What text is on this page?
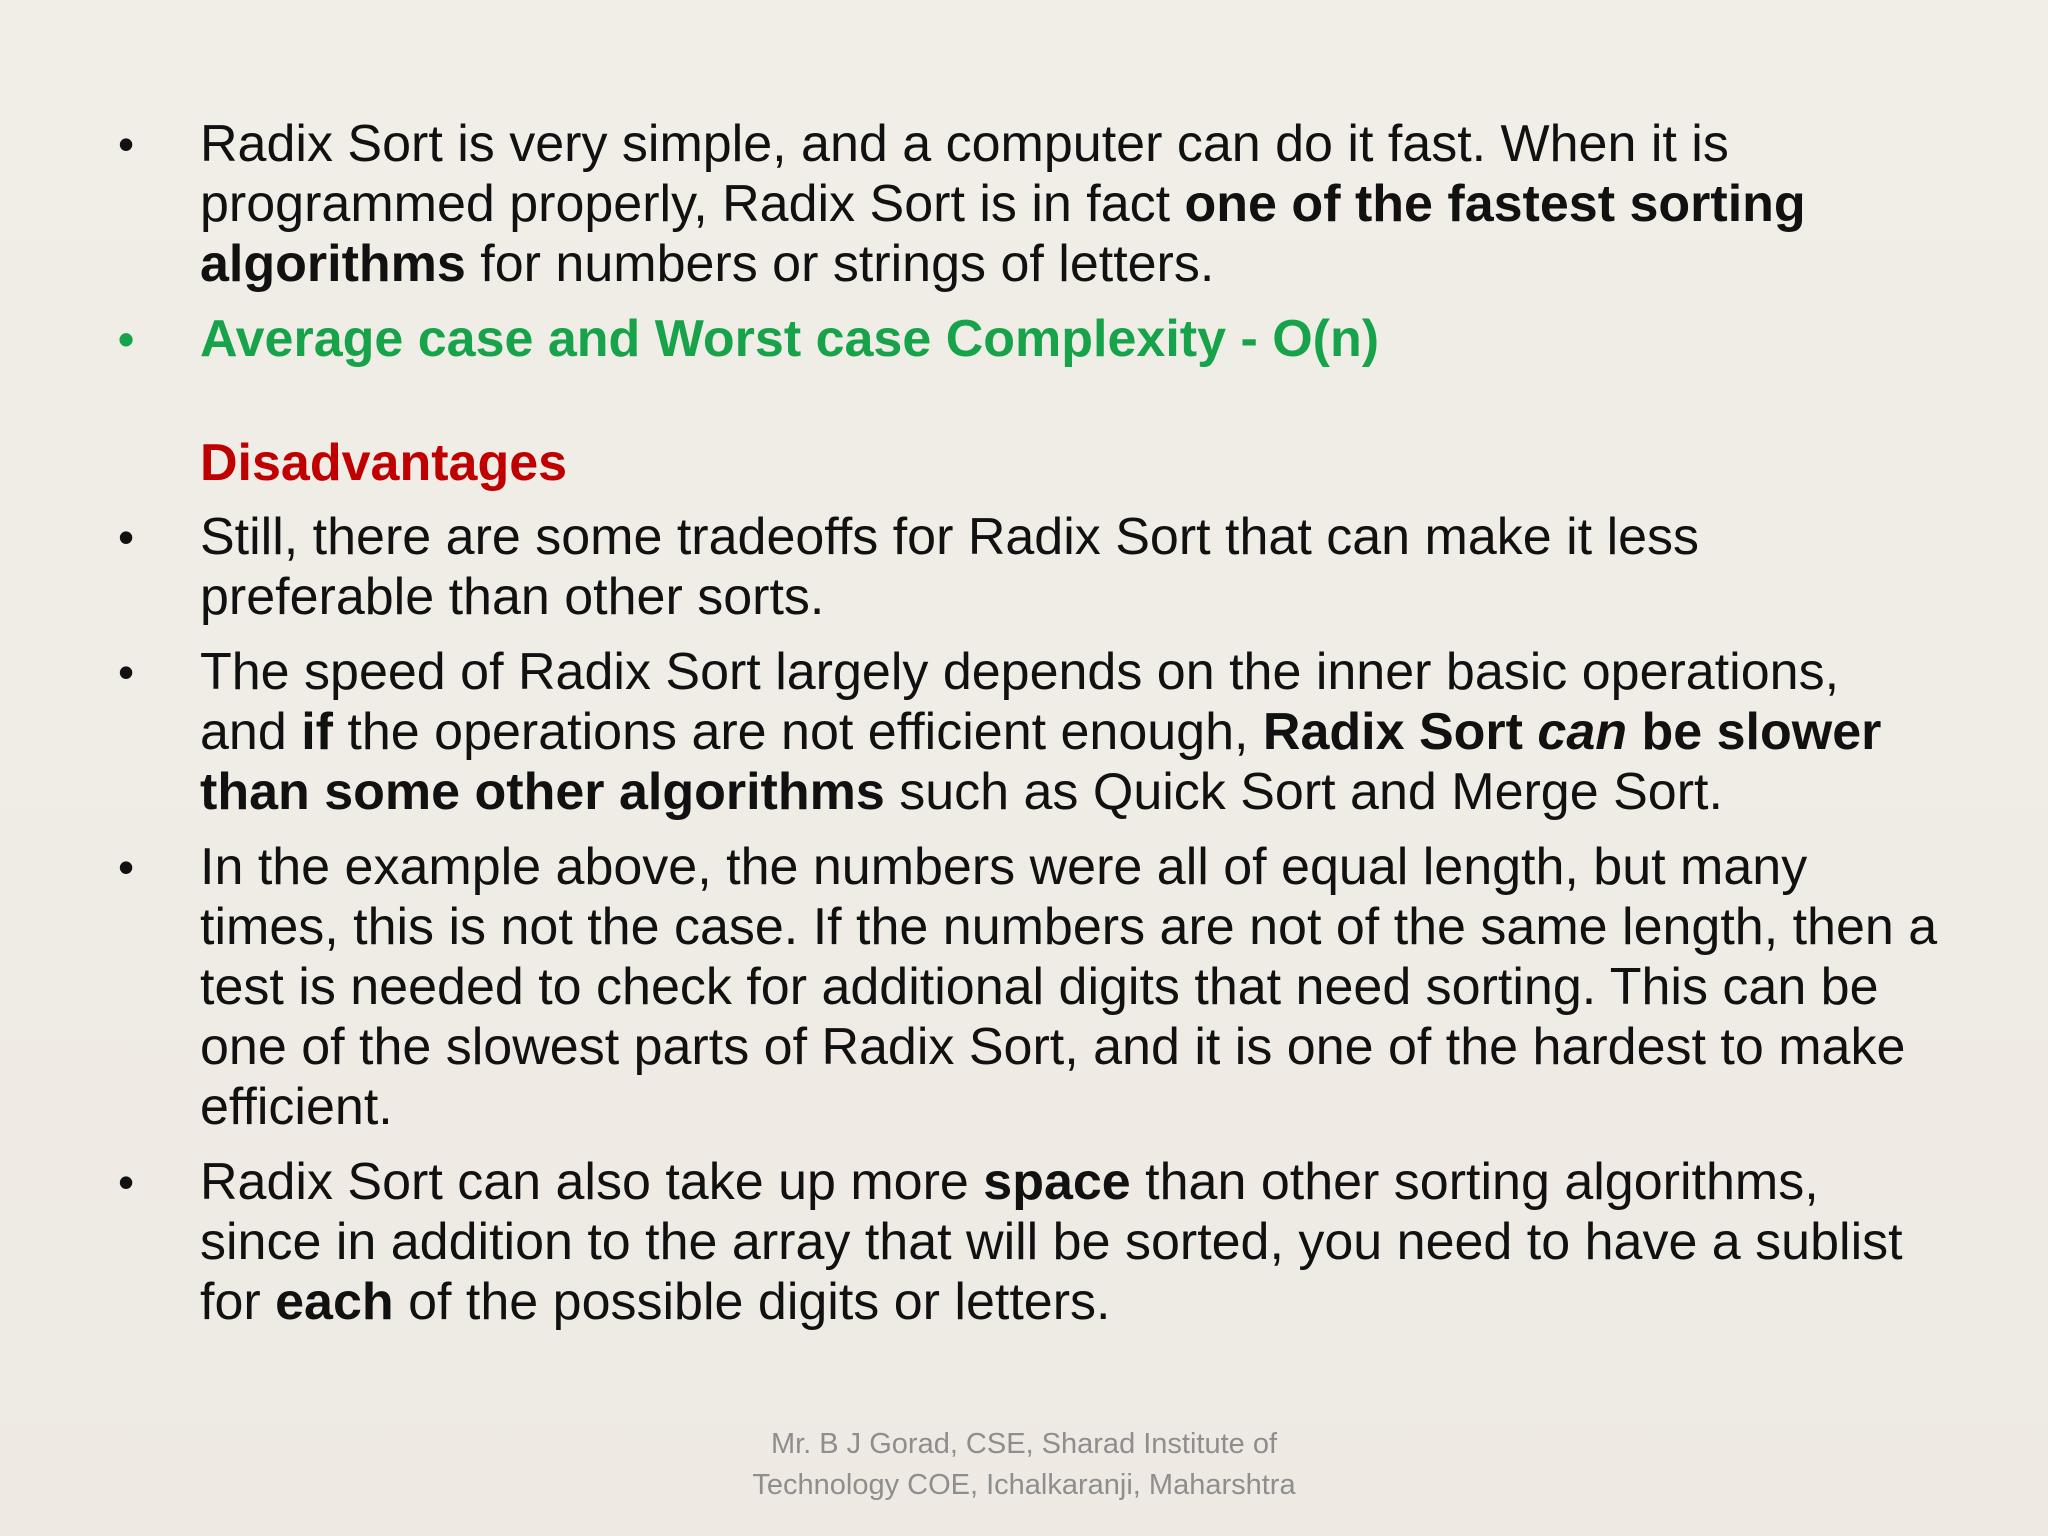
•	Radix Sort is very simple, and a computer can do it fast. When it is programmed properly, Radix Sort is in fact one of the fastest sorting algorithms for numbers or strings of letters.
•	Average case and Worst case Complexity - O(n)
Disadvantages
•	Still, there are some tradeoffs for Radix Sort that can make it less preferable than other sorts.
•	The speed of Radix Sort largely depends on the inner basic operations, and if the operations are not efficient enough, Radix Sort can be slower than some other algorithms such as Quick Sort and Merge Sort.
•	In the example above, the numbers were all of equal length, but many times, this is not the case. If the numbers are not of the same length, then a test is needed to check for additional digits that need sorting. This can be one of the slowest parts of Radix Sort, and it is one of the hardest to make efficient.
•	Radix Sort can also take up more space than other sorting algorithms, since in addition to the array that will be sorted, you need to have a sublist for each of the possible digits or letters.
Mr. B J Gorad, CSE, Sharad Institute of
Technology COE, Ichalkaranji, Maharshtra
